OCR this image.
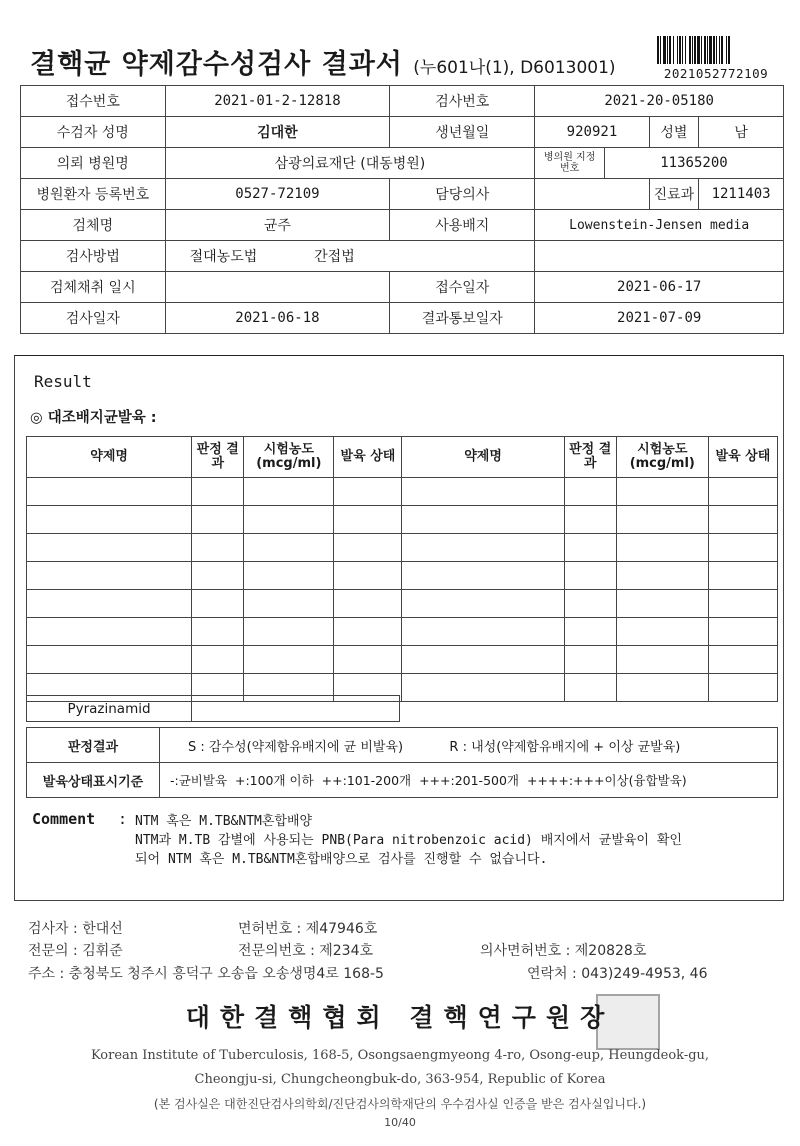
결핵균 약제감수성검사 결과서 (누601나(1), D6013001)	2021052772109
접수번호	2021-01-2-12818	검사번호	2021-20-05180			
수검자 성명	김대한	생년월일	920921		성별	남
의뢰 병원명	삼광의료재단 (대동병원)		병의원 지정번호	11365200		
병원환자 등록번호	0527-72109	담당의사			진료과	1211403
검체명	균주	사용배지	Lowenstein-Jensen media			
검사방법	절대농도법 간접법					
검체채취 일시		접수일자	2021-06-17			
검사일자	2021-06-18	결과통보일자	2021-07-09			
Result
◎ 대조배지균발육 :
약제명	판정 결과	시험농도 (mcg/ml)	발육 상태	약제명	판정 결과	시험농도 (mcg/ml)	발육 상태

Pyrazinamid	
판정결과	S : 감수성(약제함유배지에 균 비발육) R : 내성(약제함유배지에 + 이상 균발육)
발육상태표시기준	-:균비발육  +:100개 이하  ++:101-200개  +++:201-500개  ++++:+++이상(융합발육)
Comment : NTM 혹은 M.TB&NTM혼합배양
NTM과 M.TB 감별에 사용되는 PNB(Para nitrobenzoic acid) 배지에서 균발육이 확인
되어 NTM 혹은 M.TB&NTM혼합배양으로 검사를 진행할 수 없습니다.
검사자 : 한대선	면허번호 : 제47946호
전문의 : 김휘준	전문의번호 : 제234호	의사면허번호 : 제20828호
주소 : 충청북도 청주시 흥덕구 오송읍 오송생명4로 168-5	연락처 : 043)249-4953, 46
대한결핵협회 결핵연구원장
Korean Institute of Tuberculosis, 168-5, Osongsaengmyeong 4-ro, Osong-eup, Heungdeok-gu,
Cheongju-si, Chungcheongbuk-do, 363-954, Republic of Korea
(본 검사실은 대한진단검사의학회/진단검사의학재단의 우수검사실 인증을 받은 검사실입니다.)
10/40
